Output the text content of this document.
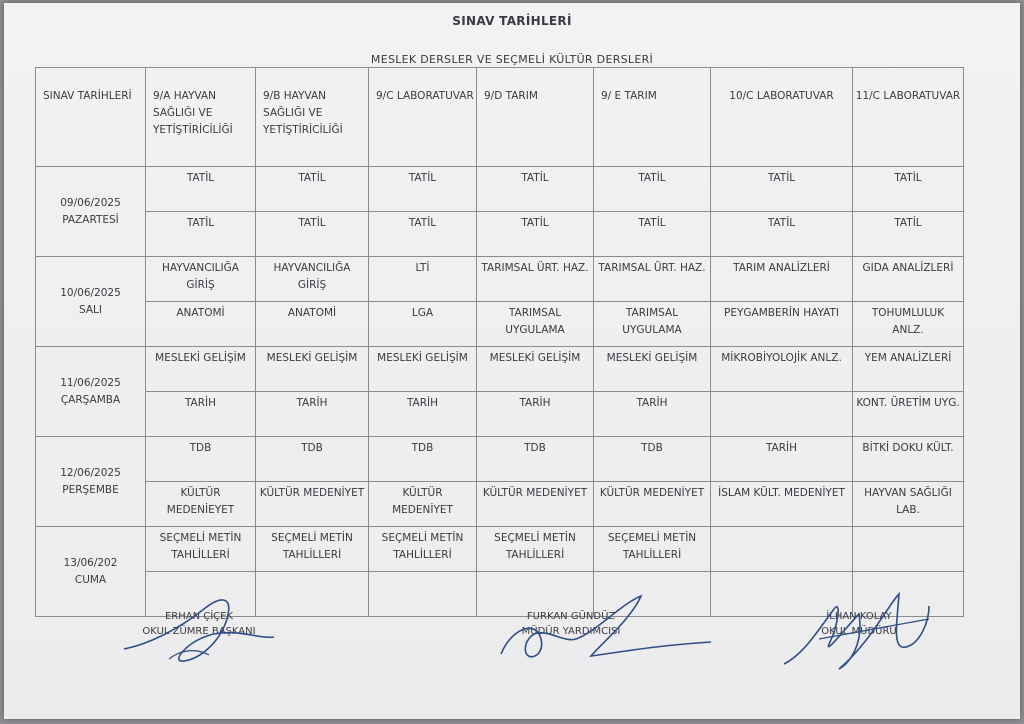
SINAV TARİHLERİ
MESLEK DERSLER VE SEÇMELİ KÜLTÜR DERSLERİ
SINAV TARİHLERİ	9/A HAYVAN SAĞLIĞI VE YETİŞTİRİCİLİĞİ	9/B HAYVAN SAĞLIĞI VE YETİŞTİRİCİLİĞİ	9/C LABORATUVAR	9/D TARIM	9/ E TARIM	10/C LABORATUVAR	11/C LABORATUVAR

09/06/2025
PAZARTESİ	TATİL	TATİL	TATİL	TATİL	TATİL	TATİL	TATİL
	TATİL	TATİL	TATİL	TATİL	TATİL	TATİL	TATİL

10/06/2025
SALI	HAYVANCILIĞA GİRİŞ	HAYVANCILIĞA GİRİŞ	LTİ	TARIMSAL ÜRT. HAZ.	TARIMSAL ÜRT. HAZ.	TARIM ANALİZLERİ	GIDA ANALİZLERİ
	ANATOMİ	ANATOMİ	LGA	TARIMSAL UYGULAMA	TARIMSAL UYGULAMA	PEYGAMBERİN HAYATI	TOHUMLULUK ANLZ.

11/06/2025
ÇARŞAMBA	MESLEKİ GELİŞİM	MESLEKİ GELİŞİM	MESLEKİ GELİŞİM	MESLEKİ GELİŞİM	MESLEKİ GELİŞİM	MİKROBİYOLOJİK ANLZ.	YEM ANALİZLERİ
	TARİH	TARİH	TARİH	TARİH	TARİH		KONT. ÜRETİM UYG.

12/06/2025
PERŞEMBE	TDB	TDB	TDB	TDB	TDB	TARİH	BİTKİ DOKU KÜLT.
	KÜLTÜR MEDENİEYET	KÜLTÜR MEDENİYET	KÜLTÜR MEDENİYET	KÜLTÜR MEDENİYET	KÜLTÜR MEDENİYET	İSLAM KÜLT. MEDENİYET	HAYVAN SAĞLIĞI LAB.

13/06/202
CUMA	SEÇMELİ METİN TAHLİLLERİ	SEÇMELİ METİN TAHLİLLERİ	SEÇMELİ METİN TAHLİLLERİ	SEÇMELİ METİN TAHLİLLERİ	SEÇEMELİ METİN TAHLİLLERİ		

ERHAN ÇİÇEK
OKUL ZÜMRE BAŞKANI
FURKAN GÜNDÜZ
MÜDÜR YARDIMCISI
İLHAN KOLAY
OKUL MÜDÜRÜ
